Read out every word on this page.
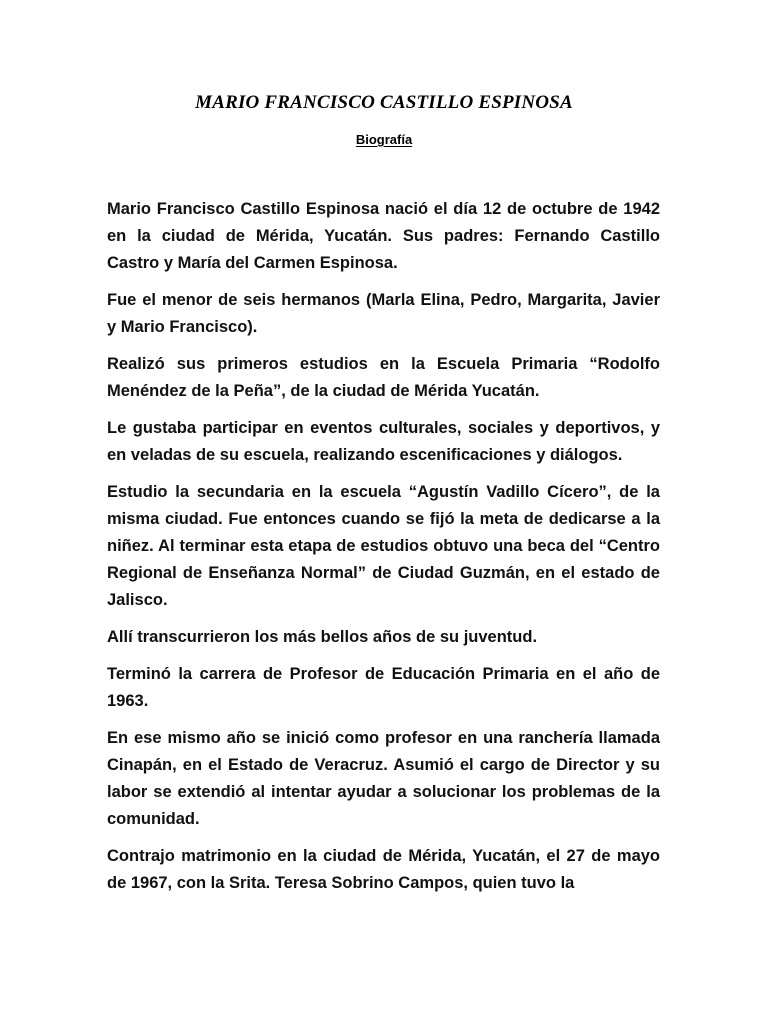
MARIO FRANCISCO CASTILLO ESPINOSA
Biografía

Mario Francisco Castillo Espinosa nació el día 12 de octubre de 1942 en la ciudad de Mérida, Yucatán. Sus padres: Fernando Castillo Castro y María del Carmen Espinosa.

Fue el menor de seis hermanos (Marla Elina, Pedro, Margarita, Javier y Mario Francisco).

Realizó sus primeros estudios en la Escuela Primaria “Rodolfo Menéndez de la Peña”, de la ciudad de Mérida Yucatán.

Le gustaba participar en eventos culturales, sociales y deportivos, y en veladas de su escuela, realizando escenificaciones y diálogos.

Estudio la secundaria en la escuela “Agustín Vadillo Cícero”, de la misma ciudad. Fue entonces cuando se fijó la meta de dedicarse a la niñez. Al terminar esta etapa de estudios obtuvo una beca del “Centro Regional de Enseñanza Normal” de Ciudad Guzmán, en el estado de Jalisco.

Allí transcurrieron los más bellos años de su juventud.

Terminó la carrera de Profesor de Educación Primaria en el año de 1963.

En ese mismo año se inició como profesor en una ranchería llamada Cinapán, en el Estado de Veracruz. Asumió el cargo de Director y su labor se extendió al intentar ayudar a solucionar los problemas de la comunidad.

Contrajo matrimonio en la ciudad de Mérida, Yucatán, el 27 de mayo de 1967, con la Srita. Teresa Sobrino Campos, quien tuvo la
